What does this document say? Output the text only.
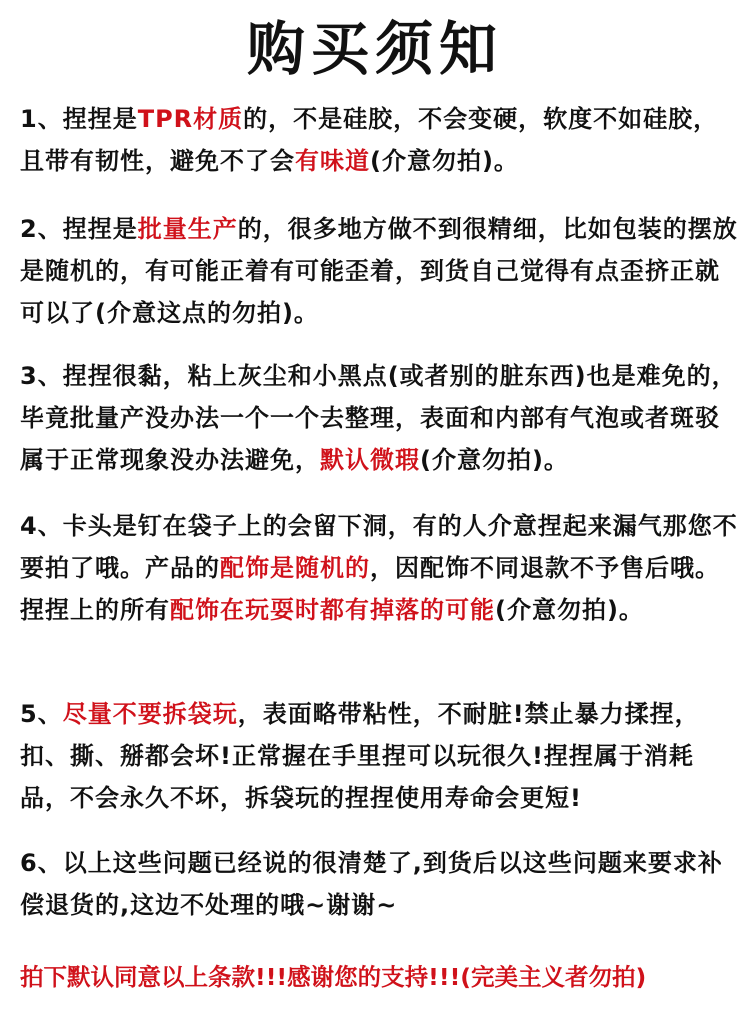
购买须知
1、捏捏是TPR材质的，不是硅胶，不会变硬，软度不如硅胶，且带有韧性，避免不了会有味道(介意勿拍)。
2、捏捏是批量生产的，很多地方做不到很精细，比如包装的摆放是随机的，有可能正着有可能歪着，到货自己觉得有点歪挤正就可以了(介意这点的勿拍)。
3、捏捏很黏，粘上灰尘和小黑点(或者别的脏东西)也是难免的，毕竟批量产没办法一个一个去整理，表面和内部有气泡或者斑驳属于正常现象没办法避免，默认微瑕(介意勿拍)。
4、卡头是钉在袋子上的会留下洞，有的人介意捏起来漏气那您不要拍了哦。产品的配饰是随机的，因配饰不同退款不予售后哦。捏捏上的所有配饰在玩耍时都有掉落的可能(介意勿拍)。
5、尽量不要拆袋玩，表面略带粘性，不耐脏!禁止暴力揉捏，扣、撕、掰都会坏!正常握在手里捏可以玩很久!捏捏属于消耗品，不会永久不坏，拆袋玩的捏捏使用寿命会更短!
6、以上这些问题已经说的很清楚了,到货后以这些问题来要求补偿退货的,这边不处理的哦~谢谢~
拍下默认同意以上条款!!!感谢您的支持!!!(完美主义者勿拍)
